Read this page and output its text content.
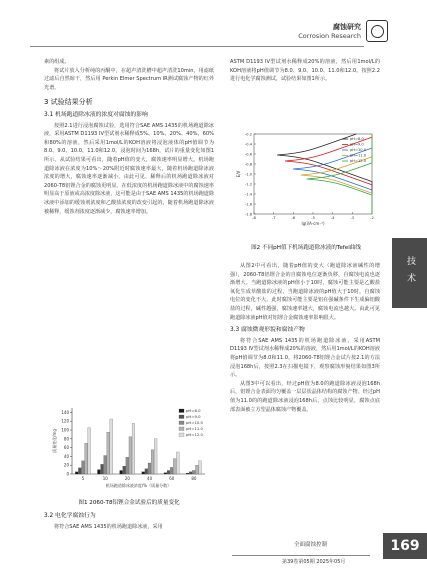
腐蚀研究
Corrosion Research
技术

素的组成。

将试片放入分析纯的丙酮中，在超声清洗槽中超声清洗10min，用滤纸过滤后自然晾干，然后用 Perkin Elmer Spectrum IR测试腐蚀产物的红外光谱。

3 试验结果分析
3.1 机场跑道除冰液的浓度对腐蚀的影响

按照2.1进行浸泡腐蚀试验，选用符合SAE AMS 1435的机场跑道除冰液，采用ASTM D1193 IV型试剂水稀释成5%、10%、20%、40%、60%和80%的溶液，然后采用1mol/L的KOH溶液将浸泡液体的pH值调节为8.0、9.0、10.0、11.0和12.0。浸泡时间为168h，试片的重量变化如图1所示。从试验结果可看出，随着pH值的变大，腐蚀速率明显增大。机场跑道除冰液在浓度为10%～20%附近时腐蚀速率最大，随着机场跑道除冰液浓度的增大，腐蚀速率逐渐减小。由此可见，稀释后的机场跑道除冰液对2060-T8铝锂合金的腐蚀更明显。在低浓度的机场跑道除冰液中的腐蚀速率明显高于原液或高浓度除冰液，这可能是由于SAE AMS 1435的机场跑道除冰液中添加的缓蚀剂浓度和乙酸盐浓度的改变引起的，随着机场跑道除冰液被稀释，缓蚀剂浓度逐渐减少，腐蚀速率增加。

0
20
40
60
80
100
120
140
5	10	20	40	60	80
机场跑道除冰液浓度/%（质量分数）
质量变化/mg
pH=8.0
pH=9.0
pH=10.0
pH=11.0
pH=12.0
图1 2060-T8铝锂合金试验后的质量变化
3.2 电化学腐蚀行为

将符合SAE AMS 1435的机场跑道除冰液，采用

ASTM D1193 IV型试剂水稀释成20%的溶液，然后用1mol/L的KOH溶液将pH值调节为8.0、9.0、10.0、11.0和12.0。按照2.2进行电化学腐蚀测试，试验结果如图1所示。

-8	-7	-6	-5	-4	-3	-2
-0.2
-0.4
-0.6
-0.8
-1.0
-1.2
-1.4
-1.6
-1.8
lg(i/A·cm⁻²)
E/V
pH=8.0
pH=9.0
pH=10.0
pH=11.0
pH=12.0
图2 不同pH值下机场跑道除冰液的Tefel曲线

从图2中可看出，随着pH值的变大（跑道除冰液碱性的增强），2060-T8铝锂合金的自腐蚀电位逐渐负移，自腐蚀电流也逐渐增大。当跑道除冰液的pH值小于10时，腐蚀可能主要是乙酸盐氧化生成草酸盐的过程，当跑道除冰液的pH值大于10时，自腐蚀电位的变化不大，此时腐蚀可能主要是铝在强碱条件下生成偏铝酸盐的过程，碱性越强，腐蚀速率越大，腐蚀电流也越大。由此可见跑道除冰液pH值对铝锂合金腐蚀速率影响很大。

3.3 腐蚀微观形貌和腐蚀产物

将符合SAE AMS 1435的机场跑道除冰液，采用ASTM D1193 IV型试剂水稀释成20%的溶液，然后用1mol/L的KOH溶液将pH值调节为8.0和11.0。将2060-T8铝锂合金试片按2.1的方法浸泡168h后，按照2.3在扫描电镜下，观察腐蚀形貌结果如图3所示。

从图3中可以看出，经过pH值为8.0的跑道除冰液浸泡168h后，铝锂合金表面均匀覆盖一层层状晶体结构的腐蚀产物。经过pH值为11.0的的跑道除冰液浸泡168h后，点蚀比较明显，腐蚀点底部表面被立方型晶体腐蚀产物覆盖。

全面腐蚀控制
第39卷第05期 2025年05月
169
